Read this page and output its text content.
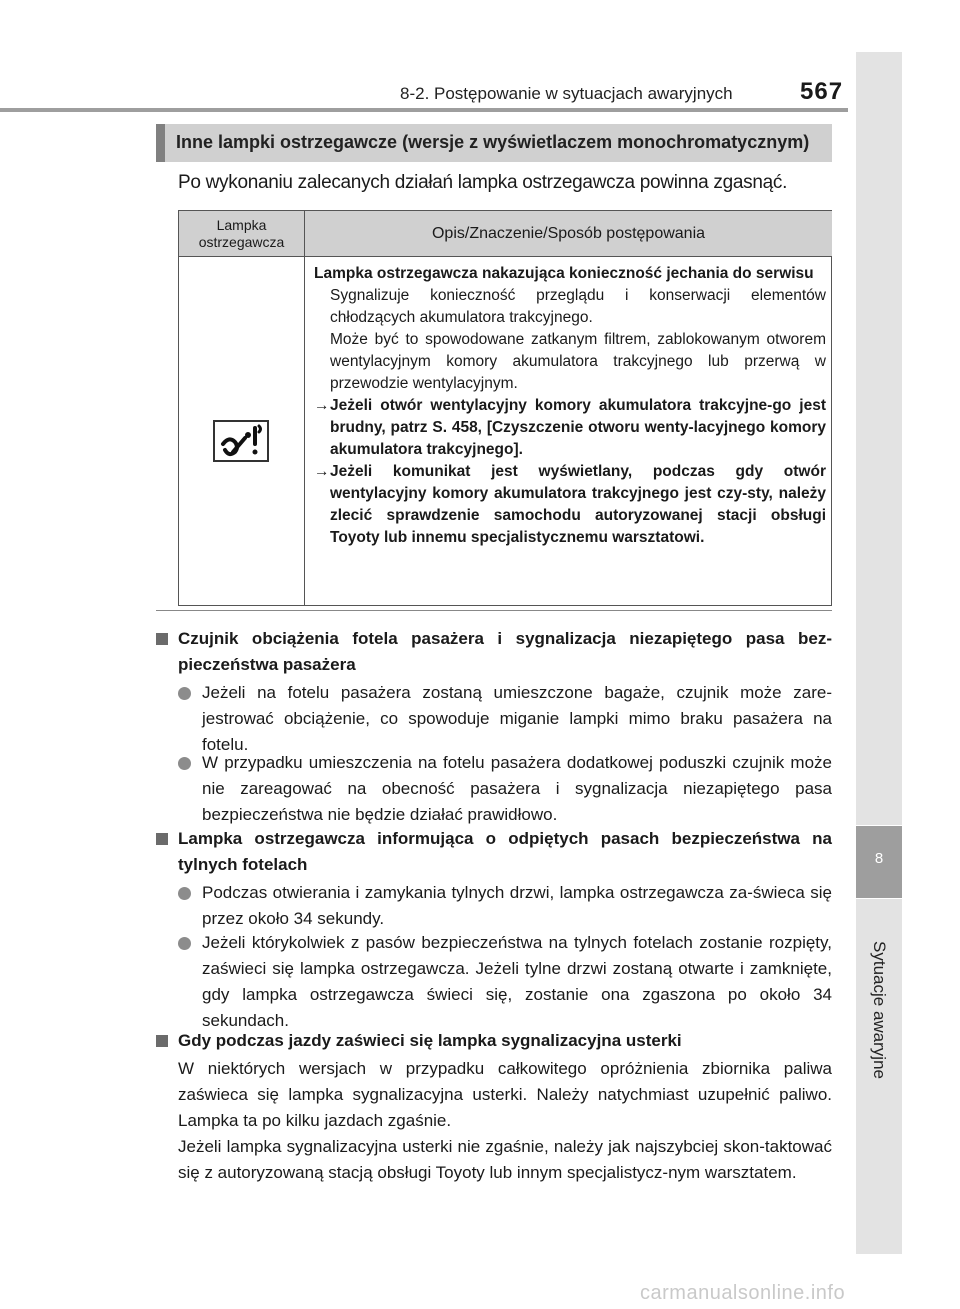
8-2. Postępowanie w sytuacjach awaryjnych	567
8
Sytuacje awaryjne
Inne lampki ostrzegawcze (wersje z wyświetlaczem monochromatycznym)
Po wykonaniu zalecanych działań lampka ostrzegawcza powinna zgasnąć.
Lampka ostrzegawcza	Opis/Znaczenie/Sposób postępowania
Lampka ostrzegawcza nakazująca konieczność jechania do serwisu
Sygnalizuje konieczność przeglądu i konserwacji elementów chłodzących akumulatora trakcyjnego.
Może być to spowodowane zatkanym filtrem, zablokowanym otworem wentylacyjnym komory akumulatora trakcyjnego lub przerwą w przewodzie wentylacyjnym.
→ Jeżeli otwór wentylacyjny komory akumulatora trakcyjne-go jest brudny, patrz S. 458, [Czyszczenie otworu wenty-lacyjnego komory akumulatora trakcyjnego].
→ Jeżeli komunikat jest wyświetlany, podczas gdy otwór wentylacyjny komory akumulatora trakcyjnego jest czy-sty, należy zlecić sprawdzenie samochodu autoryzowanej stacji obsługi Toyoty lub innemu specjalistycznemu warsztatowi.
Czujnik obciążenia fotela pasażera i sygnalizacja niezapiętego pasa bez-pieczeństwa pasażera
Jeżeli na fotelu pasażera zostaną umieszczone bagaże, czujnik może zare-jestrować obciążenie, co spowoduje miganie lampki mimo braku pasażera na fotelu.
W przypadku umieszczenia na fotelu pasażera dodatkowej poduszki czujnik może nie zareagować na obecność pasażera i sygnalizacja niezapiętego pasa bezpieczeństwa nie będzie działać prawidłowo.
Lampka ostrzegawcza informująca o odpiętych pasach bezpieczeństwa na tylnych fotelach
Podczas otwierania i zamykania tylnych drzwi, lampka ostrzegawcza za-świeca się przez około 34 sekundy.
Jeżeli którykolwiek z pasów bezpieczeństwa na tylnych fotelach zostanie rozpięty, zaświeci się lampka ostrzegawcza. Jeżeli tylne drzwi zostaną otwarte i zamknięte, gdy lampka ostrzegawcza świeci się, zostanie ona zgaszona po około 34 sekundach.
Gdy podczas jazdy zaświeci się lampka sygnalizacyjna usterki
W niektórych wersjach w przypadku całkowitego opróżnienia zbiornika paliwa zaświeca się lampka sygnalizacyjna usterki. Należy natychmiast uzupełnić paliwo. Lampka ta po kilku jazdach zgaśnie.
Jeżeli lampka sygnalizacyjna usterki nie zgaśnie, należy jak najszybciej skon-taktować się z autoryzowaną stacją obsługi Toyoty lub innym specjalistycz-nym warsztatem.
carmanualsonline.info
